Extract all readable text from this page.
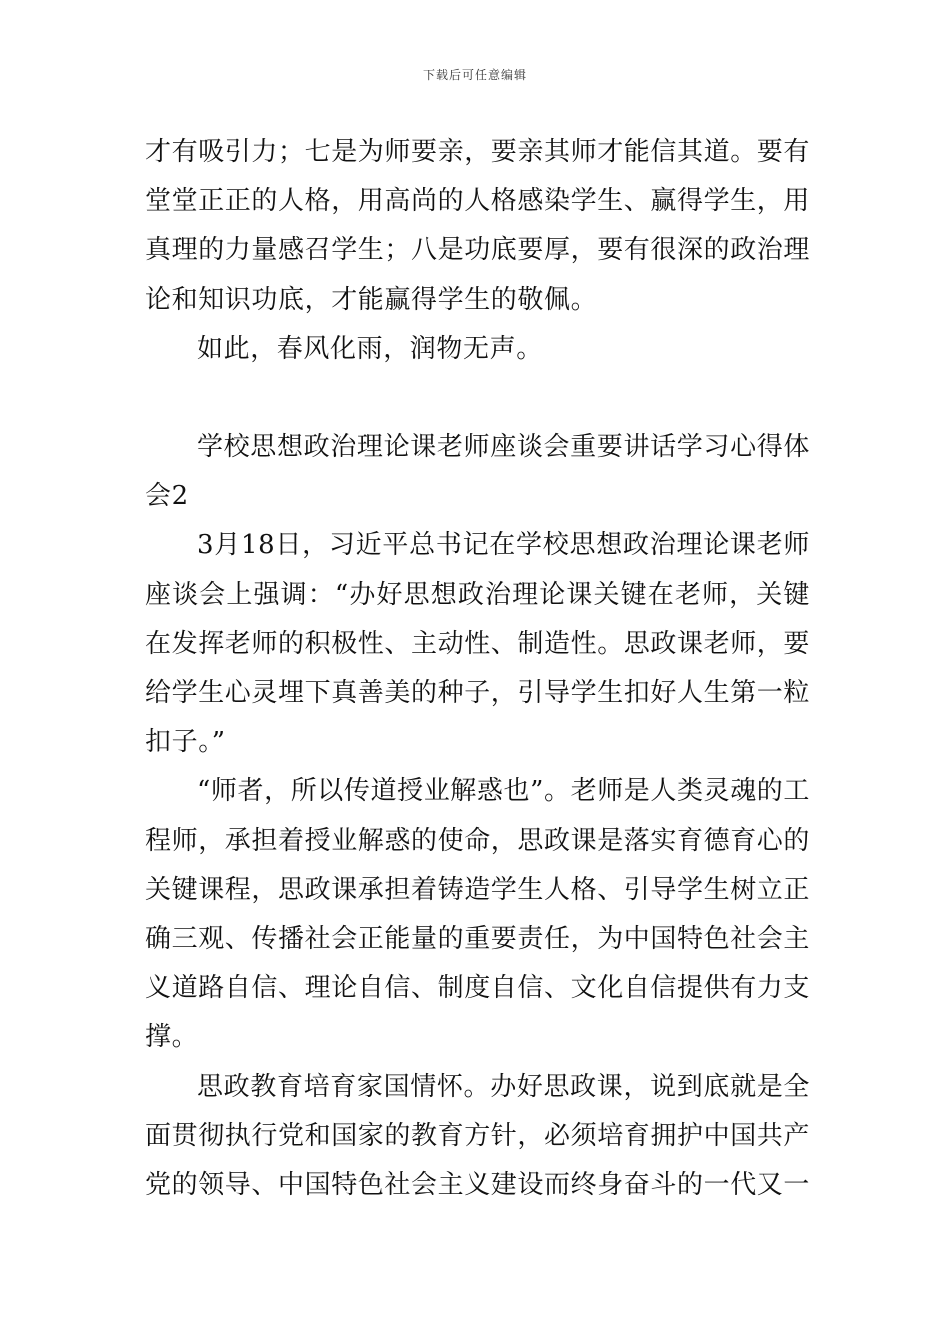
下载后可任意编辑

才有吸引力；七是为师要亲，要亲其师才能信其道。要有堂堂正正的人格，用高尚的人格感染学生、赢得学生，用真理的力量感召学生；八是功底要厚，要有很深的政治理论和知识功底，才能赢得学生的敬佩。

如此，春风化雨，润物无声。

学校思想政治理论课老师座谈会重要讲话学习心得体会2

3月18日，习近平总书记在学校思想政治理论课老师座谈会上强调：“办好思想政治理论课关键在老师，关键在发挥老师的积极性、主动性、制造性。思政课老师，要给学生心灵埋下真善美的种子，引导学生扣好人生第一粒扣子。”

“师者，所以传道授业解惑也”。老师是人类灵魂的工程师，承担着授业解惑的使命，思政课是落实育德育心的关键课程，思政课承担着铸造学生人格、引导学生树立正确三观、传播社会正能量的重要责任，为中国特色社会主义道路自信、理论自信、制度自信、文化自信提供有力支撑。

思政教育培育家国情怀。办好思政课，说到底就是全面贯彻执行党和国家的教育方针，必须培育拥护中国共产党的领导、中国特色社会主义建设而终身奋斗的一代又一
